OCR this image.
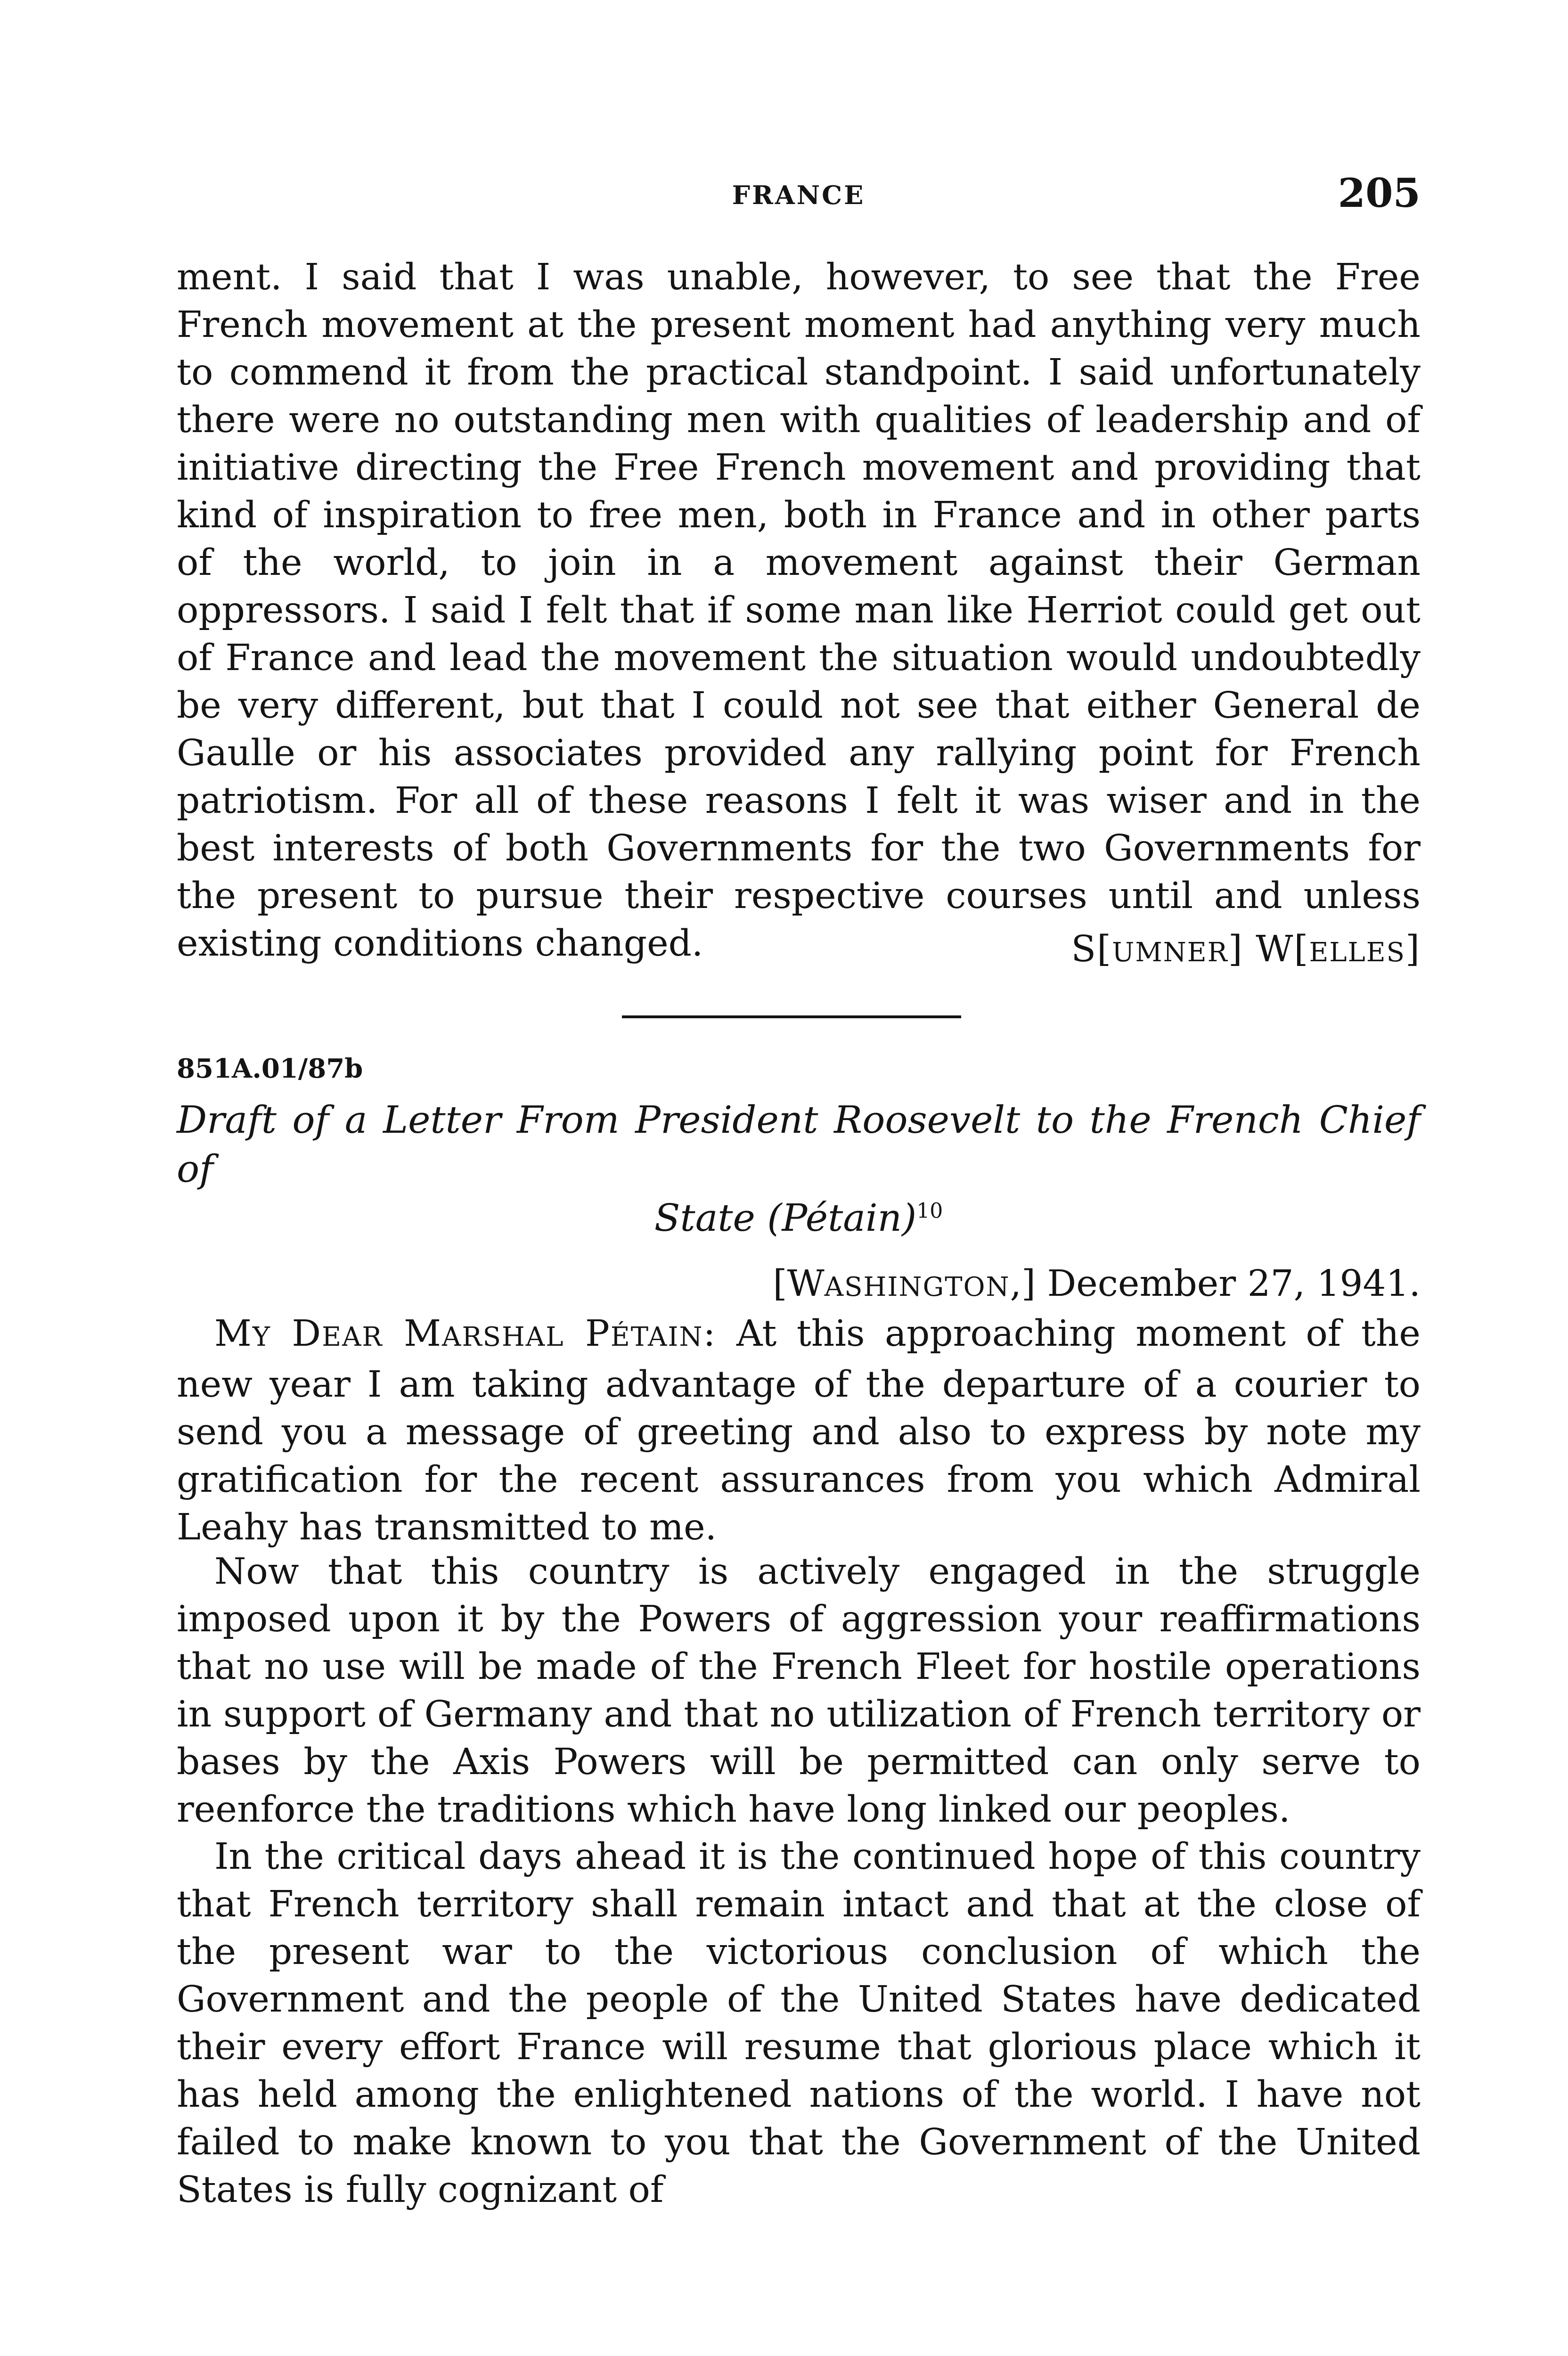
FRANCE	205

ment. I said that I was unable, however, to see that the Free French movement at the present moment had anything very much to commend it from the practical standpoint. I said unfortunately there were no outstanding men with qualities of leadership and of initiative directing the Free French movement and providing that kind of inspiration to free men, both in France and in other parts of the world, to join in a movement against their German oppressors. I said I felt that if some man like Herriot could get out of France and lead the movement the situation would undoubtedly be very different, but that I could not see that either General de Gaulle or his associates provided any rallying point for French patriotism. For all of these reasons I felt it was wiser and in the best interests of both Governments for the two Governments for the present to pursue their respective courses until and unless existing conditions changed.	S[UMNER] W[ELLES]
851A.01/87b

Draft of a Letter From President Roosevelt to the French Chief of
State (Pétain)$^{10}$

[WASHINGTON,] December 27, 1941.

MY DEAR MARSHAL PÉTAIN: At this approaching moment of the new year I am taking advantage of the departure of a courier to send you a message of greeting and also to express by note my gratification for the recent assurances from you which Admiral Leahy has transmitted to me.

Now that this country is actively engaged in the struggle imposed upon it by the Powers of aggression your reaffirmations that no use will be made of the French Fleet for hostile operations in support of Germany and that no utilization of French territory or bases by the Axis Powers will be permitted can only serve to reenforce the traditions which have long linked our peoples.

In the critical days ahead it is the continued hope of this country that French territory shall remain intact and that at the close of the present war to the victorious conclusion of which the Government and the people of the United States have dedicated their every effort France will resume that glorious place which it has held among the enlightened nations of the world. I have not failed to make known to you that the Government of the United States is fully cognizant of
